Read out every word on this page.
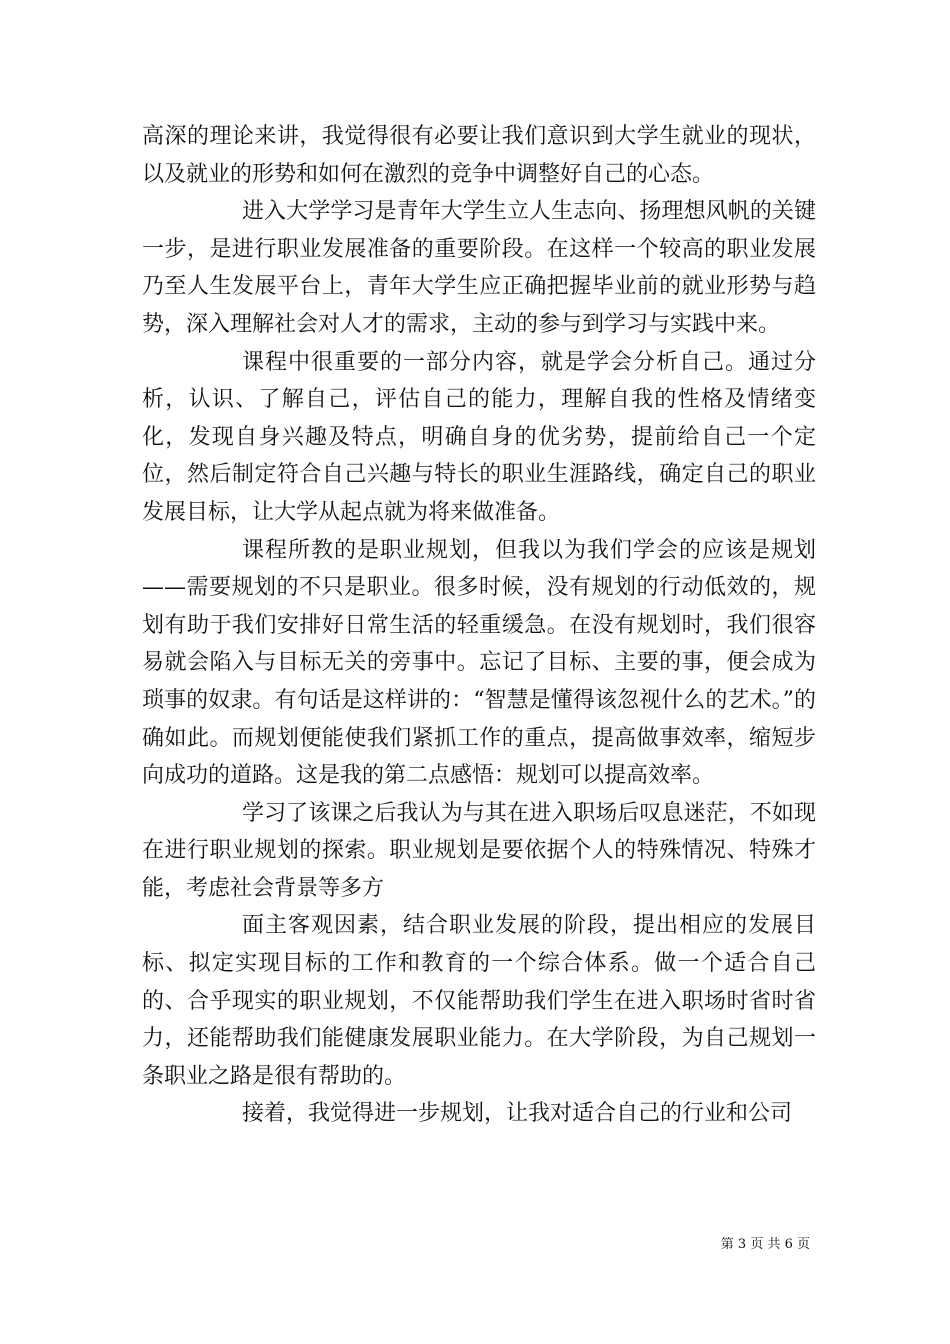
高深的理论来讲，我觉得很有必要让我们意识到大学生就业的现状，以及就业的形势和如何在激烈的竞争中调整好自己的心态。

进入大学学习是青年大学生立人生志向、扬理想风帆的关键一步，是进行职业发展准备的重要阶段。在这样一个较高的职业发展乃至人生发展平台上，青年大学生应正确把握毕业前的就业形势与趋势，深入理解社会对人才的需求，主动的参与到学习与实践中来。

课程中很重要的一部分内容，就是学会分析自己。通过分析，认识、了解自己，评估自己的能力，理解自我的性格及情绪变化，发现自身兴趣及特点，明确自身的优劣势，提前给自己一个定位，然后制定符合自己兴趣与特长的职业生涯路线，确定自己的职业发展目标，让大学从起点就为将来做准备。

课程所教的是职业规划，但我以为我们学会的应该是规划——需要规划的不只是职业。很多时候，没有规划的行动低效的，规划有助于我们安排好日常生活的轻重缓急。在没有规划时，我们很容易就会陷入与目标无关的旁事中。忘记了目标、主要的事，便会成为琐事的奴隶。有句话是这样讲的：“智慧是懂得该忽视什么的艺术。”的确如此。而规划便能使我们紧抓工作的重点，提高做事效率，缩短步向成功的道路。这是我的第二点感悟：规划可以提高效率。

学习了该课之后我认为与其在进入职场后叹息迷茫，不如现在进行职业规划的探索。职业规划是要依据个人的特殊情况、特殊才能，考虑社会背景等多方

面主客观因素，结合职业发展的阶段，提出相应的发展目标、拟定实现目标的工作和教育的一个综合体系。做一个适合自己的、合乎现实的职业规划，不仅能帮助我们学生在进入职场时省时省力，还能帮助我们能健康发展职业能力。在大学阶段，为自己规划一条职业之路是很有帮助的。

接着，我觉得进一步规划，让我对适合自己的行业和公司

第 3 页 共 6 页
